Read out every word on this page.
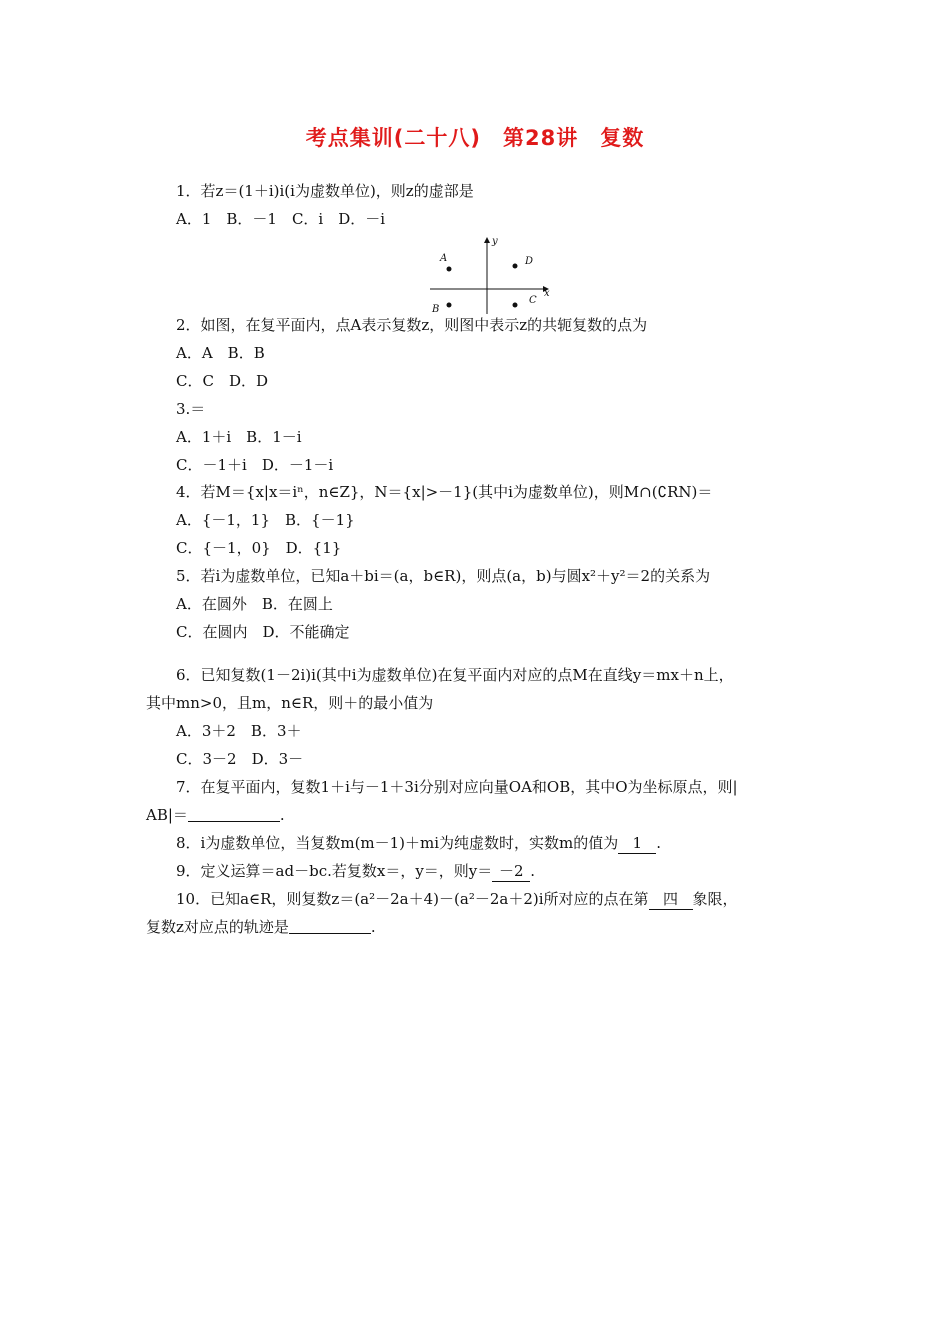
考点集训(二十八)　第28讲　复数
1．若z＝(1＋i)i(i为虚数单位)，则z的虚部是
A．1　B．－1　C．i　D．－i
y
x
A	D
B
C
2．如图，在复平面内，点A表示复数z，则图中表示z的共轭复数的点为
A．A　B．B
C．C　D．D
3.＝
A．1＋i　B．1－i
C．－1＋i　D．－1－i
4．若M＝{x|x＝iⁿ，n∈Z}，N＝{x|>－1}(其中i为虚数单位)，则M∩(∁RN)＝
A．{－1，1}　B．{－1}
C．{－1，0}　D．{1}
5．若i为虚数单位，已知a＋bi＝(a，b∈R)，则点(a，b)与圆x²＋y²＝2的关系为
A．在圆外　B．在圆上
C．在圆内　D．不能确定
6．已知复数(1－2i)i(其中i为虚数单位)在复平面内对应的点M在直线y＝mx＋n上，
其中mn>0，且m，n∈R，则＋的最小值为
A．3＋2　B．3＋
C．3－2　D．3－
7．在复平面内，复数1＋i与－1＋3i分别对应向量OA和OB，其中O为坐标原点，则|
AB|＝	.
8．i为虚数单位，当复数m(m－1)＋mi为纯虚数时，实数m的值为 1 .
9．定义运算＝ad－bc.若复数x＝，y＝，则y＝ －2 .
10．已知a∈R，则复数z＝(a²－2a＋4)－(a²－2a＋2)i所对应的点在第 四 象限，
复数z对应点的轨迹是	.
